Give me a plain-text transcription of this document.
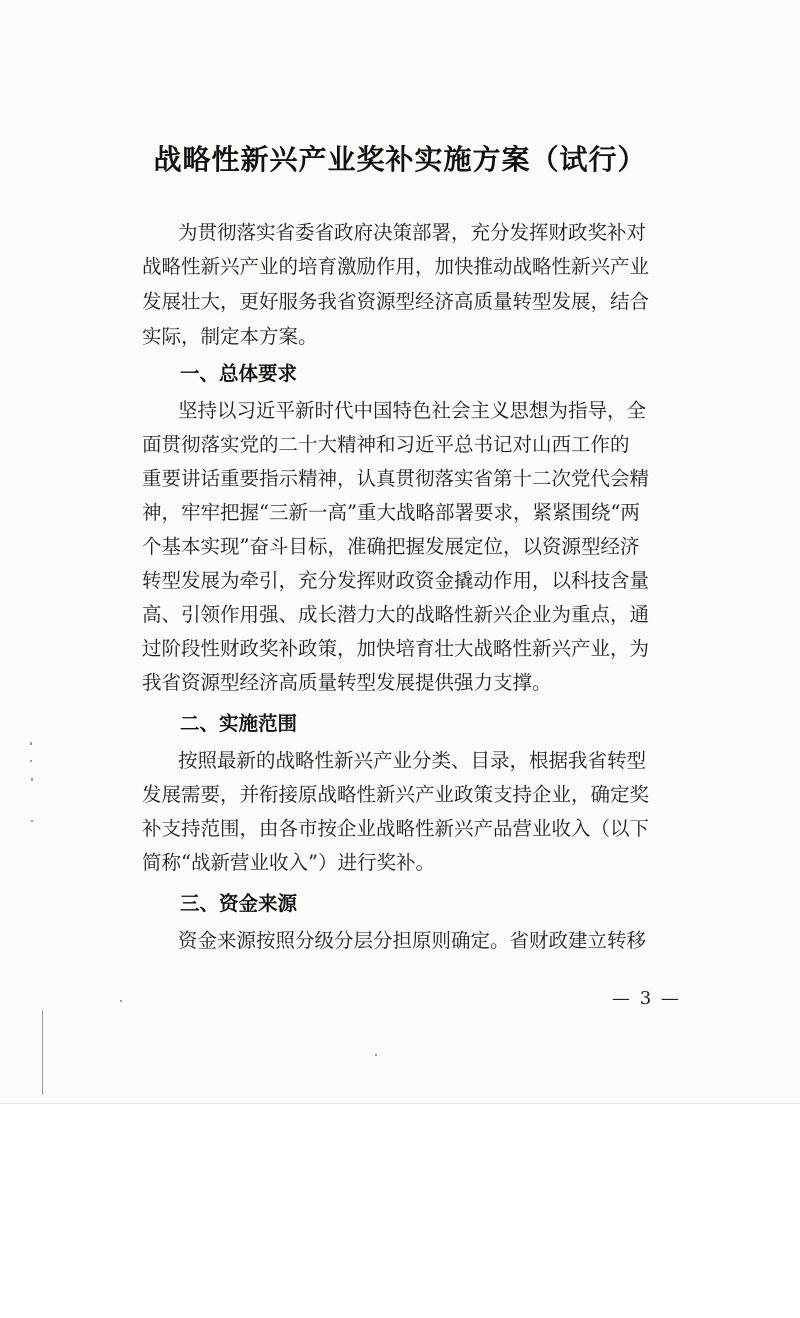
战略性新兴产业奖补实施方案（试行）

为贯彻落实省委省政府决策部署，充分发挥财政奖补对

战略性新兴产业的培育激励作用，加快推动战略性新兴产业

发展壮大，更好服务我省资源型经济高质量转型发展，结合

实际，制定本方案。

一、总体要求

坚持以习近平新时代中国特色社会主义思想为指导，全

面贯彻落实党的二十大精神和习近平总书记对山西工作的

重要讲话重要指示精神，认真贯彻落实省第十二次党代会精

神，牢牢把握“三新一高”重大战略部署要求，紧紧围绕“两

个基本实现”奋斗目标，准确把握发展定位，以资源型经济

转型发展为牵引，充分发挥财政资金撬动作用，以科技含量

高、引领作用强、成长潜力大的战略性新兴企业为重点，通

过阶段性财政奖补政策，加快培育壮大战略性新兴产业，为

我省资源型经济高质量转型发展提供强力支撑。

二、实施范围

按照最新的战略性新兴产业分类、目录，根据我省转型

发展需要，并衔接原战略性新兴产业政策支持企业，确定奖

补支持范围，由各市按企业战略性新兴产品营业收入（以下

简称“战新营业收入”）进行奖补。

三、资金来源

资金来源按照分级分层分担原则确定。省财政建立转移

— 3 —
